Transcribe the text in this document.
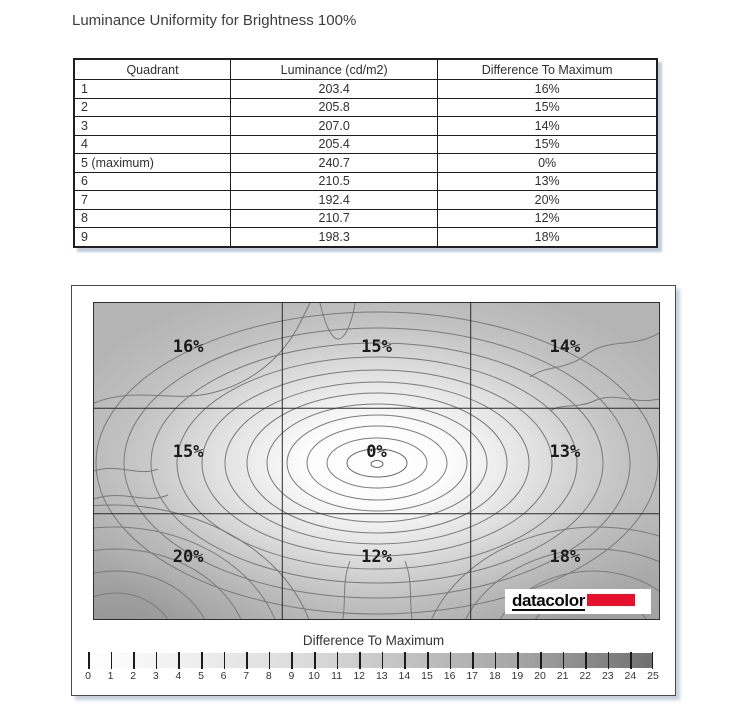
Luminance Uniformity for Brightness 100%
Quadrant	Luminance (cd/m2)	Difference To Maximum
1	203.4	16%
2	205.8	15%
3	207.0	14%
4	205.4	15%
5 (maximum)	240.7	0%
6	210.5	13%
7	192.4	20%
8	210.7	12%
9	198.3	18%
16%	15%	14%
15%	0%	13%
20%	12%	18%
datacolor
Difference To Maximum
0 1 2 3 4 5 6 7 8 9 10 11 12 13 14 15 16 17 18 19 20 21 22 23 24 25
